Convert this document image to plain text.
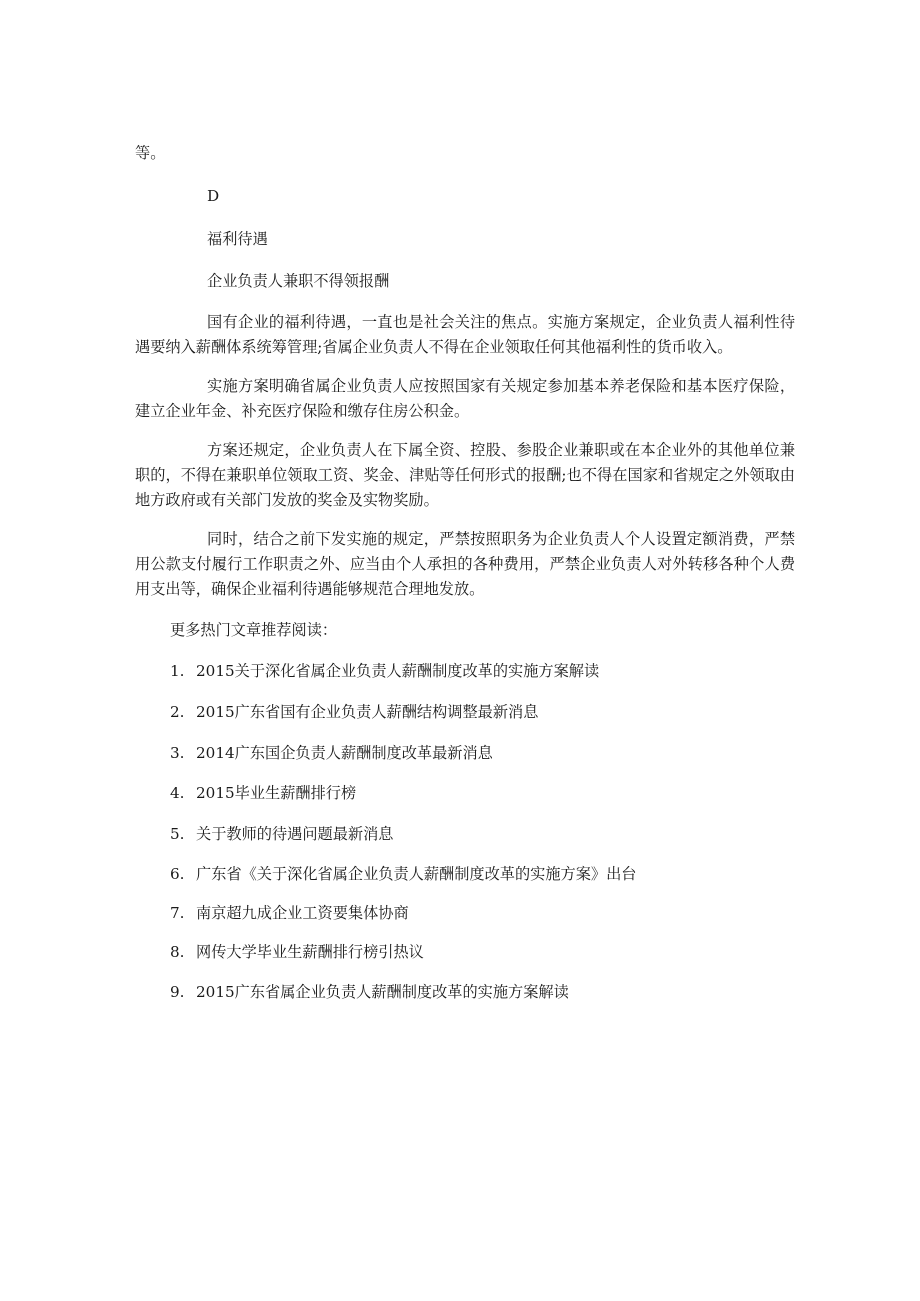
等。
D
福利待遇
企业负责人兼职不得领报酬
国有企业的福利待遇，一直也是社会关注的焦点。实施方案规定，企业负责人福利性待遇要纳入薪酬体系统筹管理;省属企业负责人不得在企业领取任何其他福利性的货币收入。
实施方案明确省属企业负责人应按照国家有关规定参加基本养老保险和基本医疗保险，建立企业年金、补充医疗保险和缴存住房公积金。
方案还规定，企业负责人在下属全资、控股、参股企业兼职或在本企业外的其他单位兼职的，不得在兼职单位领取工资、奖金、津贴等任何形式的报酬;也不得在国家和省规定之外领取由地方政府或有关部门发放的奖金及实物奖励。
同时，结合之前下发实施的规定，严禁按照职务为企业负责人个人设置定额消费，严禁用公款支付履行工作职责之外、应当由个人承担的各种费用，严禁企业负责人对外转移各种个人费用支出等，确保企业福利待遇能够规范合理地发放。
更多热门文章推荐阅读：
1. 2015关于深化省属企业负责人薪酬制度改革的实施方案解读
2. 2015广东省国有企业负责人薪酬结构调整最新消息
3. 2014广东国企负责人薪酬制度改革最新消息
4. 2015毕业生薪酬排行榜
5. 关于教师的待遇问题最新消息
6. 广东省《关于深化省属企业负责人薪酬制度改革的实施方案》出台
7. 南京超九成企业工资要集体协商
8. 网传大学毕业生薪酬排行榜引热议
9. 2015广东省属企业负责人薪酬制度改革的实施方案解读
